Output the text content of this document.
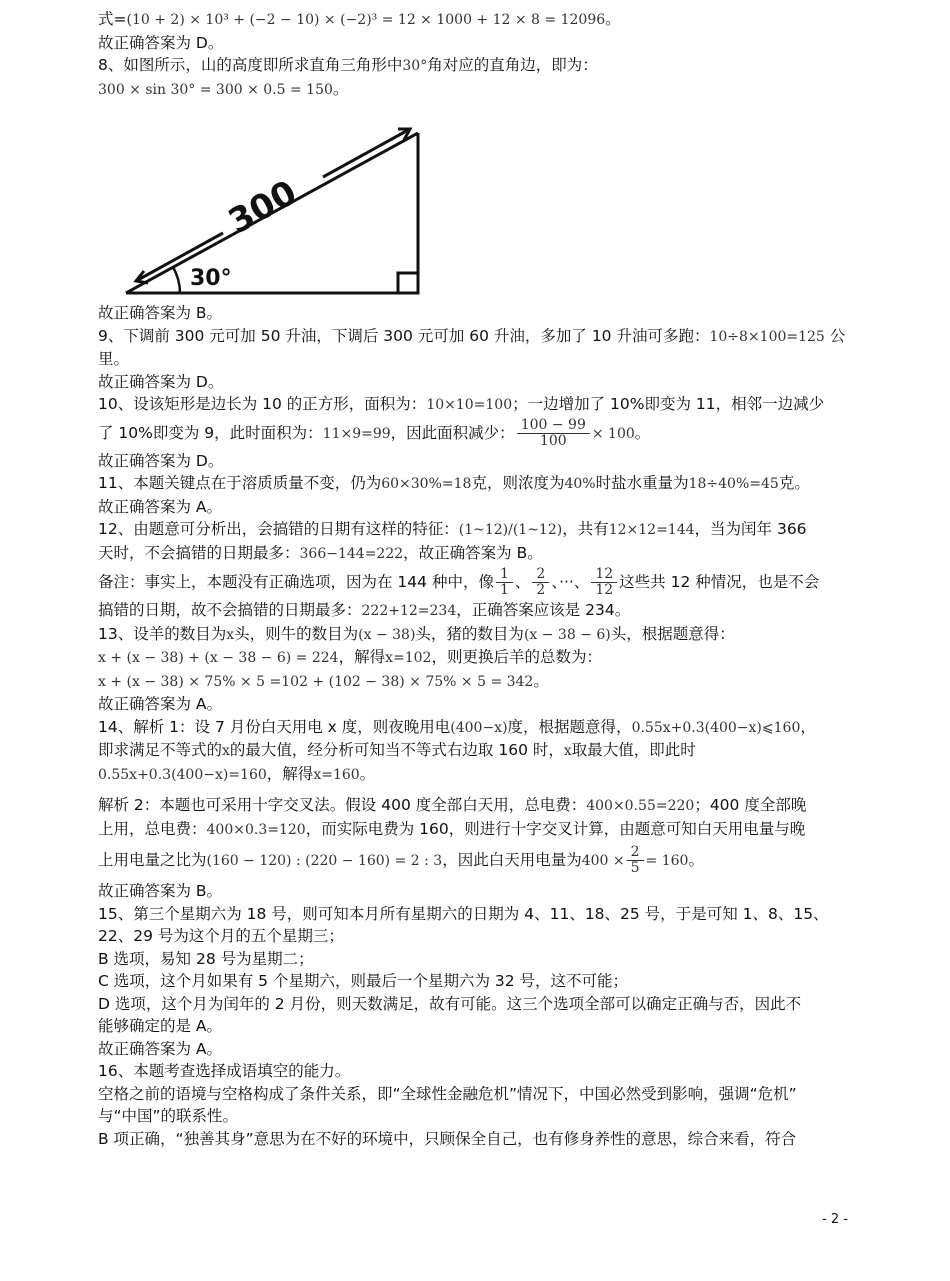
式=(10 + 2) × 10³ + (−2 − 10) × (−2)³ = 12 × 1000 + 12 × 8 = 12096。
故正确答案为 D。
8、如图所示，山的高度即所求直角三角形中30°角对应的直角边，即为：
300 × sin 30° = 300 × 0.5 = 150。
300
30°
故正确答案为 B。
9、下调前 300 元可加 50 升油，下调后 300 元可加 60 升油，多加了 10 升油可多跑：10÷8×100=125 公
里。
故正确答案为 D。
10、设该矩形是边长为 10 的正方形，面积为：10×10=100；一边增加了 10%即变为 11，相邻一边减少
了 10%即变为 9，此时面积为：11×9=99，因此面积减少： $\frac{100 - 99}{100} \times 100$。
故正确答案为 D。
11、本题关键点在于溶质质量不变，仍为60×30%=18克，则浓度为40%时盐水重量为18÷40%=45克。
故正确答案为 A。
12、由题意可分析出，会搞错的日期有这样的特征：(1~12)/(1~12)，共有12×12=144，当为闰年 366
天时，不会搞错的日期最多：366−144=222，故正确答案为 B。
备注：事实上，本题没有正确选项，因为在 144 种中，像 $\frac{1}{1}$ 、 $\frac{2}{2}$ 、···、 $\frac{12}{12}$ 这些共 12 种情况，也是不会
搞错的日期，故不会搞错的日期最多：222+12=234，正确答案应该是 234。
13、设羊的数目为x头，则牛的数目为(x − 38)头，猪的数目为(x − 38 − 6)头，根据题意得：
x + (x − 38) + (x − 38 − 6) = 224，解得x=102，则更换后羊的总数为：
x + (x − 38) × 75% × 5 =102 + (102 − 38) × 75% × 5 = 342。
故正确答案为 A。
14、解析 1：设 7 月份白天用电 x 度，则夜晚用电(400−x)度，根据题意得，0.55x+0.3(400−x)⩽160，
即求满足不等式的x的最大值，经分析可知当不等式右边取 160 时，x取最大值，即此时
0.55x+0.3(400−x)=160，解得x=160。
解析 2：本题也可采用十字交叉法。假设 400 度全部白天用，总电费：400×0.55=220；400 度全部晚
上用，总电费：400×0.3=120，而实际电费为 160，则进行十字交叉计算，由题意可知白天用电量与晚
上用电量之比为(160 − 120) : (220 − 160) = 2 : 3，因此白天用电量为$400 \times \frac{2}{5} = 160$。
故正确答案为 B。
15、第三个星期六为 18 号，则可知本月所有星期六的日期为 4、11、18、25 号，于是可知 1、8、15、
22、29 号为这个月的五个星期三；
B 选项，易知 28 号为星期二；
C 选项，这个月如果有 5 个星期六，则最后一个星期六为 32 号，这不可能；
D 选项，这个月为闰年的 2 月份，则天数满足，故有可能。这三个选项全部可以确定正确与否，因此不
能够确定的是 A。
故正确答案为 A。
16、本题考查选择成语填空的能力。
空格之前的语境与空格构成了条件关系，即“全球性金融危机”情况下，中国必然受到影响，强调“危机”
与“中国”的联系性。
B 项正确，“独善其身”意思为在不好的环境中，只顾保全自己，也有修身养性的意思，综合来看，符合
- 2 -
